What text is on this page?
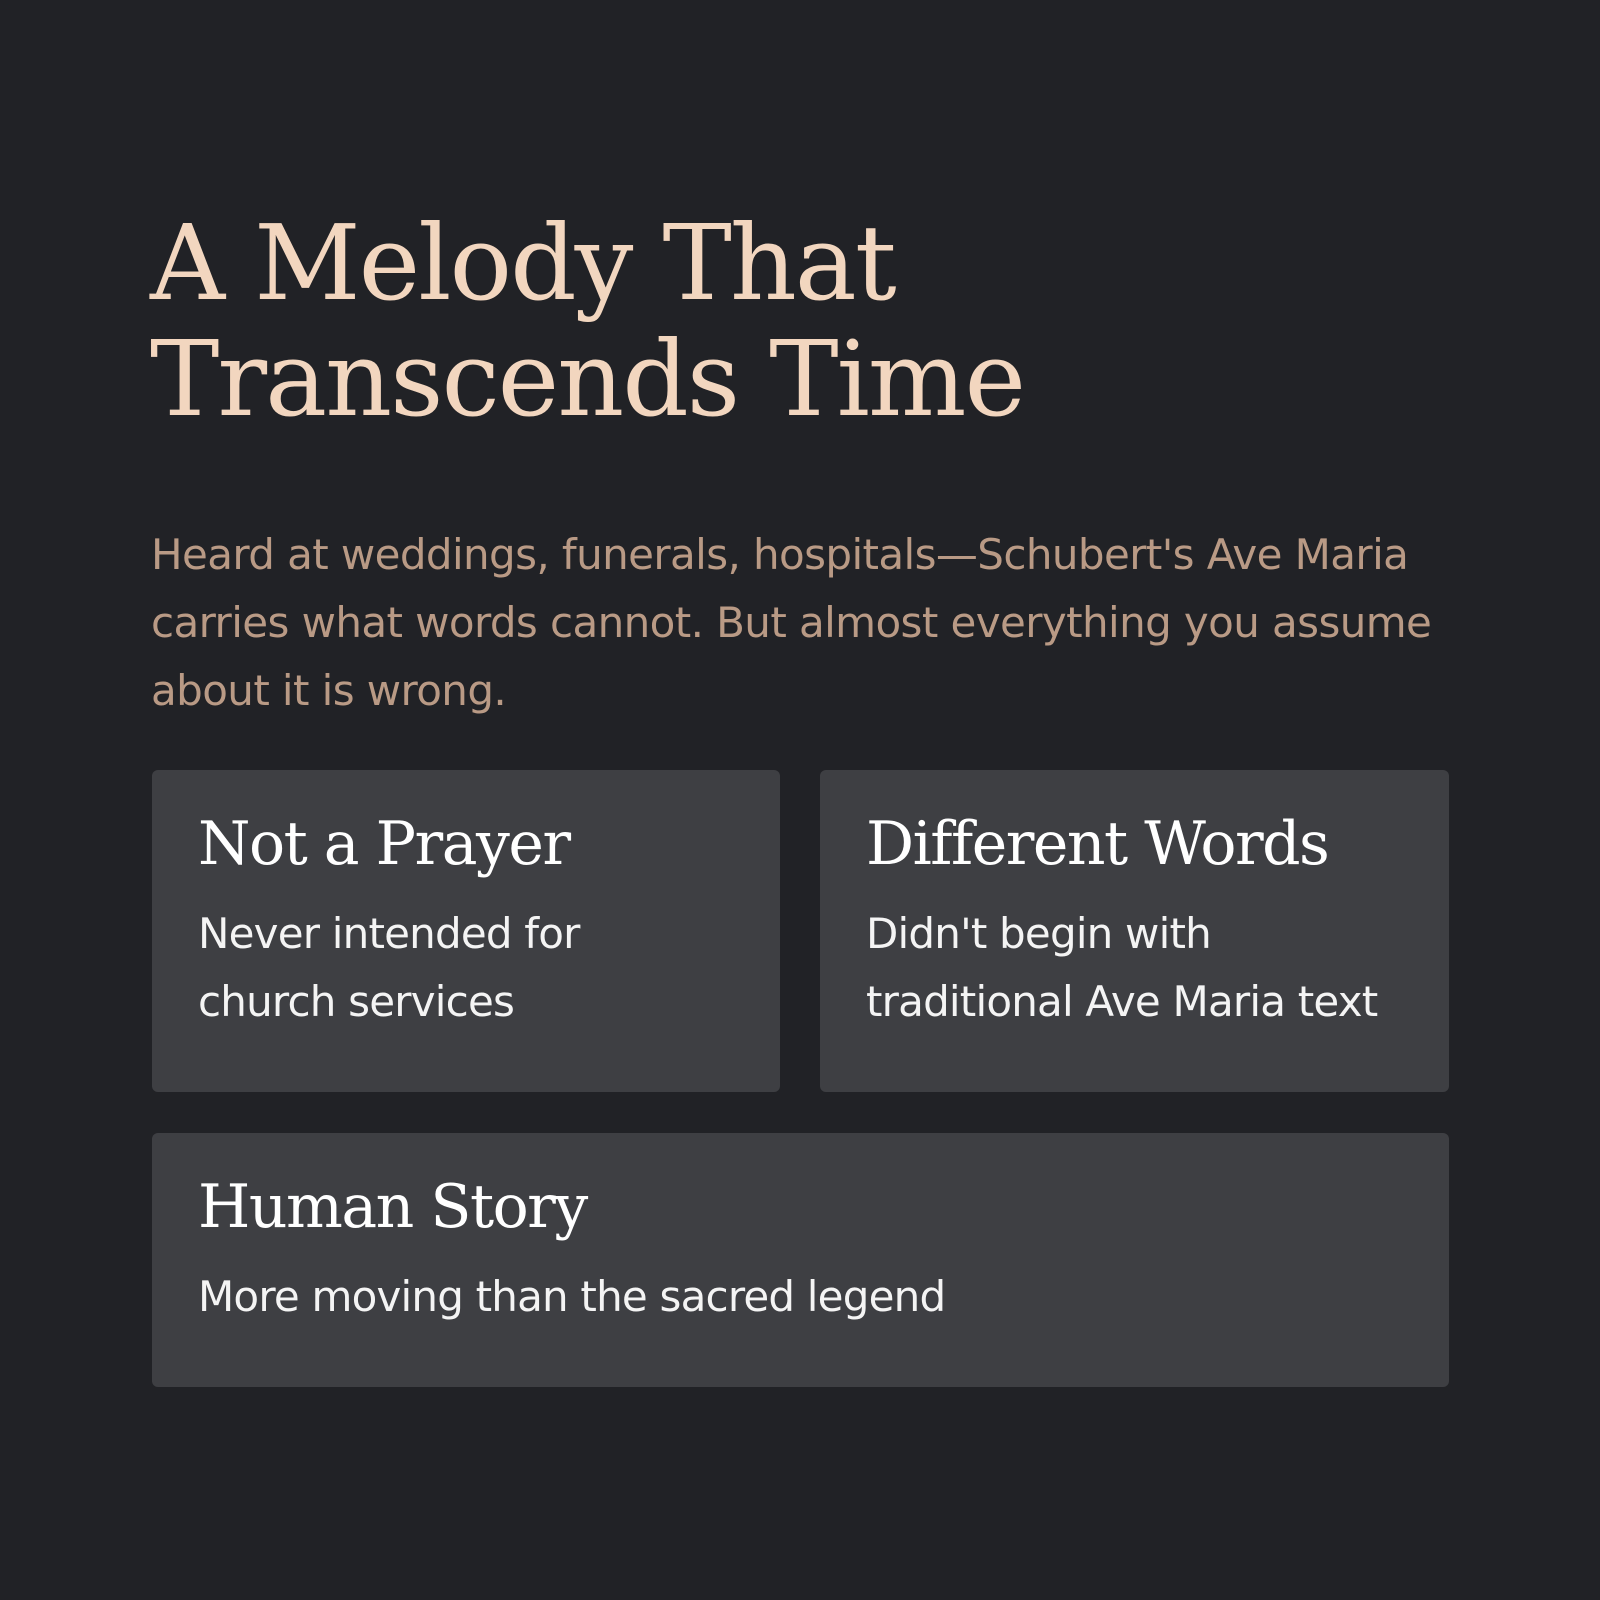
A Melody That Transcends Time

Heard at weddings, funerals, hospitals—Schubert's Ave Maria carries what words cannot. But almost everything you assume about it is wrong.

Not a Prayer

Never intended for church services

Different Words

Didn't begin with traditional Ave Maria text

Human Story

More moving than the sacred legend
